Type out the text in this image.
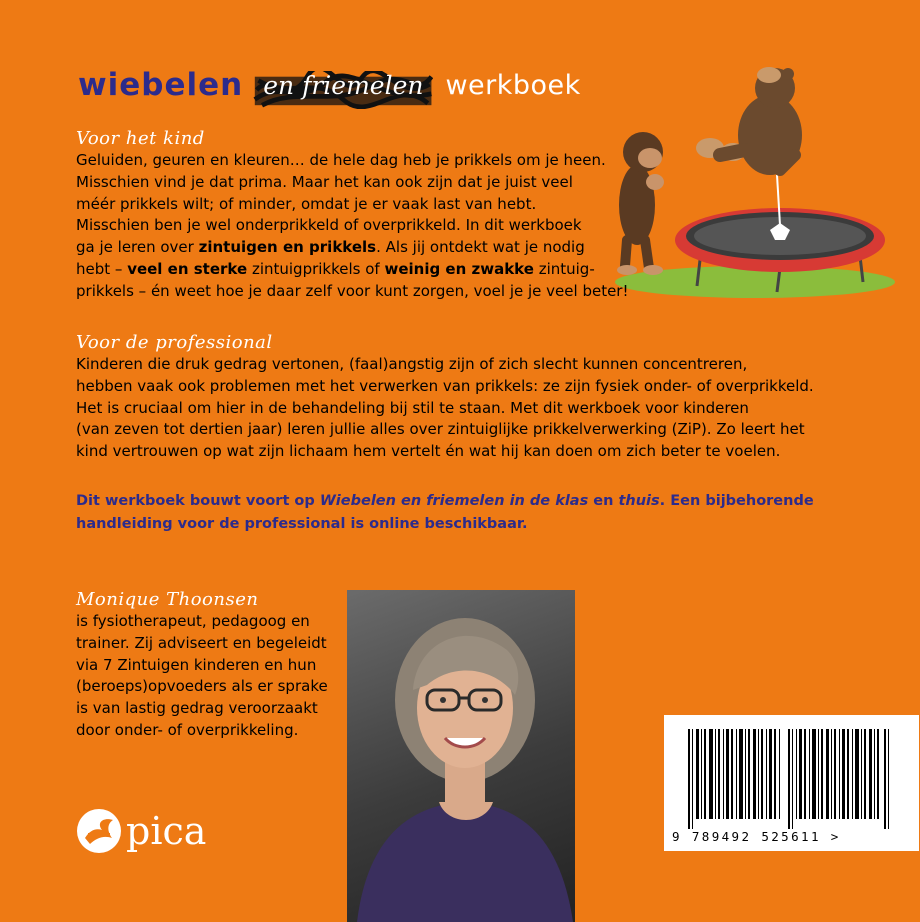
wiebelen en friemelen werkboek
Voor het kind
Geluiden, geuren en kleuren… de hele dag heb je prikkels om je heen.
Misschien vind je dat prima. Maar het kan ook zijn dat je juist veel
méér prikkels wilt; of minder, omdat je er vaak last van hebt.
Misschien ben je wel onderprikkeld of overprikkeld. In dit werkboek
ga je leren over zintuigen en prikkels. Als jij ontdekt wat je nodig
hebt – veel en sterke zintuigprikkels of weinig en zwakke zintuig-
prikkels – én weet hoe je daar zelf voor kunt zorgen, voel je je veel beter!
Voor de professional
Kinderen die druk gedrag vertonen, (faal)angstig zijn of zich slecht kunnen concentreren,
hebben vaak ook problemen met het verwerken van prikkels: ze zijn fysiek onder- of overprikkeld.
Het is cruciaal om hier in de behandeling bij stil te staan. Met dit werkboek voor kinderen
(van zeven tot dertien jaar) leren jullie alles over zintuiglijke prikkelverwerking (ZiP). Zo leert het
kind vertrouwen op wat zijn lichaam hem vertelt én wat hij kan doen om zich beter te voelen.
Dit werkboek bouwt voort op Wiebelen en friemelen in de klas en thuis. Een bijbehorende
handleiding voor de professional is online beschikbaar.
Monique Thoonsen
is fysiotherapeut, pedagoog en
trainer. Zij adviseert en begeleidt
via 7 Zintuigen kinderen en hun
(beroeps)opvoeders als er sprake
is van lastig gedrag veroorzaakt
door onder- of overprikkeling.
9 789492 525611 >
pica
